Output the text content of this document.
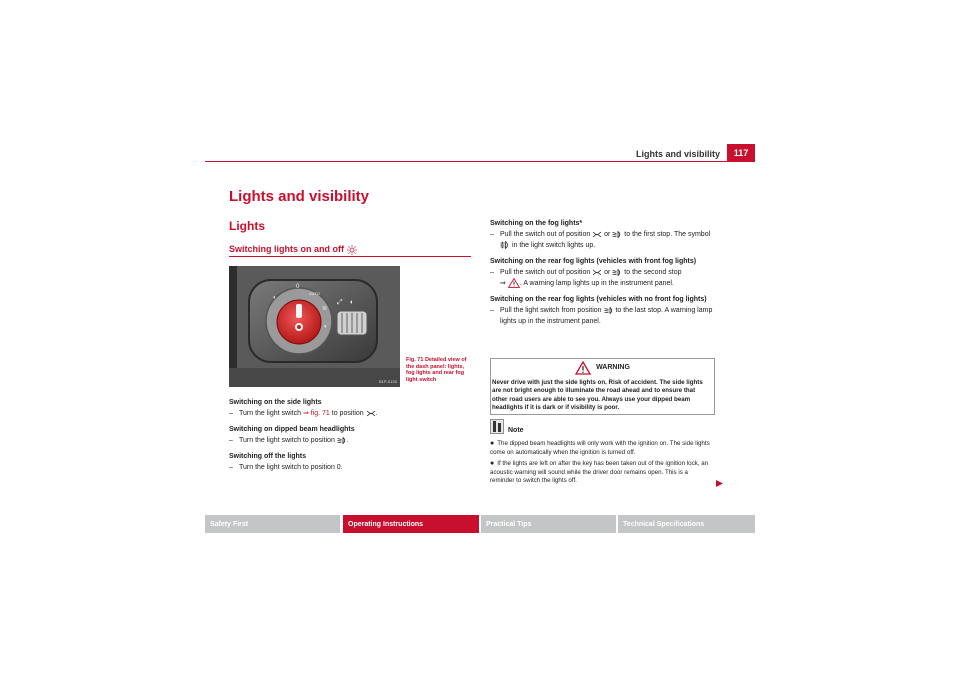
Lights and visibility	117
Lights and visibility
Lights
Switching lights on and off
0
AUTO
◐
≋
◑
⤢ ◖
B1P-0133
Fig. 71 Detailed view of the dash panel: lights, fog lights and rear fog light switch
Switching on the side lights
– Turn the light switch ⇒ fig. 71 to position .
Switching on dipped beam headlights
– Turn the light switch to position .
Switching off the lights
– Turn the light switch to position 0.
Switching on the fog lights*
– Pull the switch out of position  or  to the first stop. The symbol  in the light switch lights up.
Switching on the rear fog lights (vehicles with front fog lights)
– Pull the switch out of position  or  to the second stop
⇒ . A warning lamp lights up in the instrument panel.
Switching on the rear fog lights (vehicles with no front fog lights)
– Pull the light switch from position  to the last stop. A warning lamp lights up in the instrument panel.
WARNING
Never drive with just the side lights on. Risk of accident. The side lights are not bright enough to illuminate the road ahead and to ensure that other road users are able to see you. Always use your dipped beam headlights if it is dark or if visibility is poor.
Note

● The dipped beam headlights will only work with the ignition on. The side lights come on automatically when the ignition is turned off.

● If the lights are left on after the key has been taken out of the ignition lock, an acoustic warning will sound while the driver door remains open. This is a reminder to switch the lights off.

Safety First	Operating Instructions	Practical Tips	Technical Specifications
